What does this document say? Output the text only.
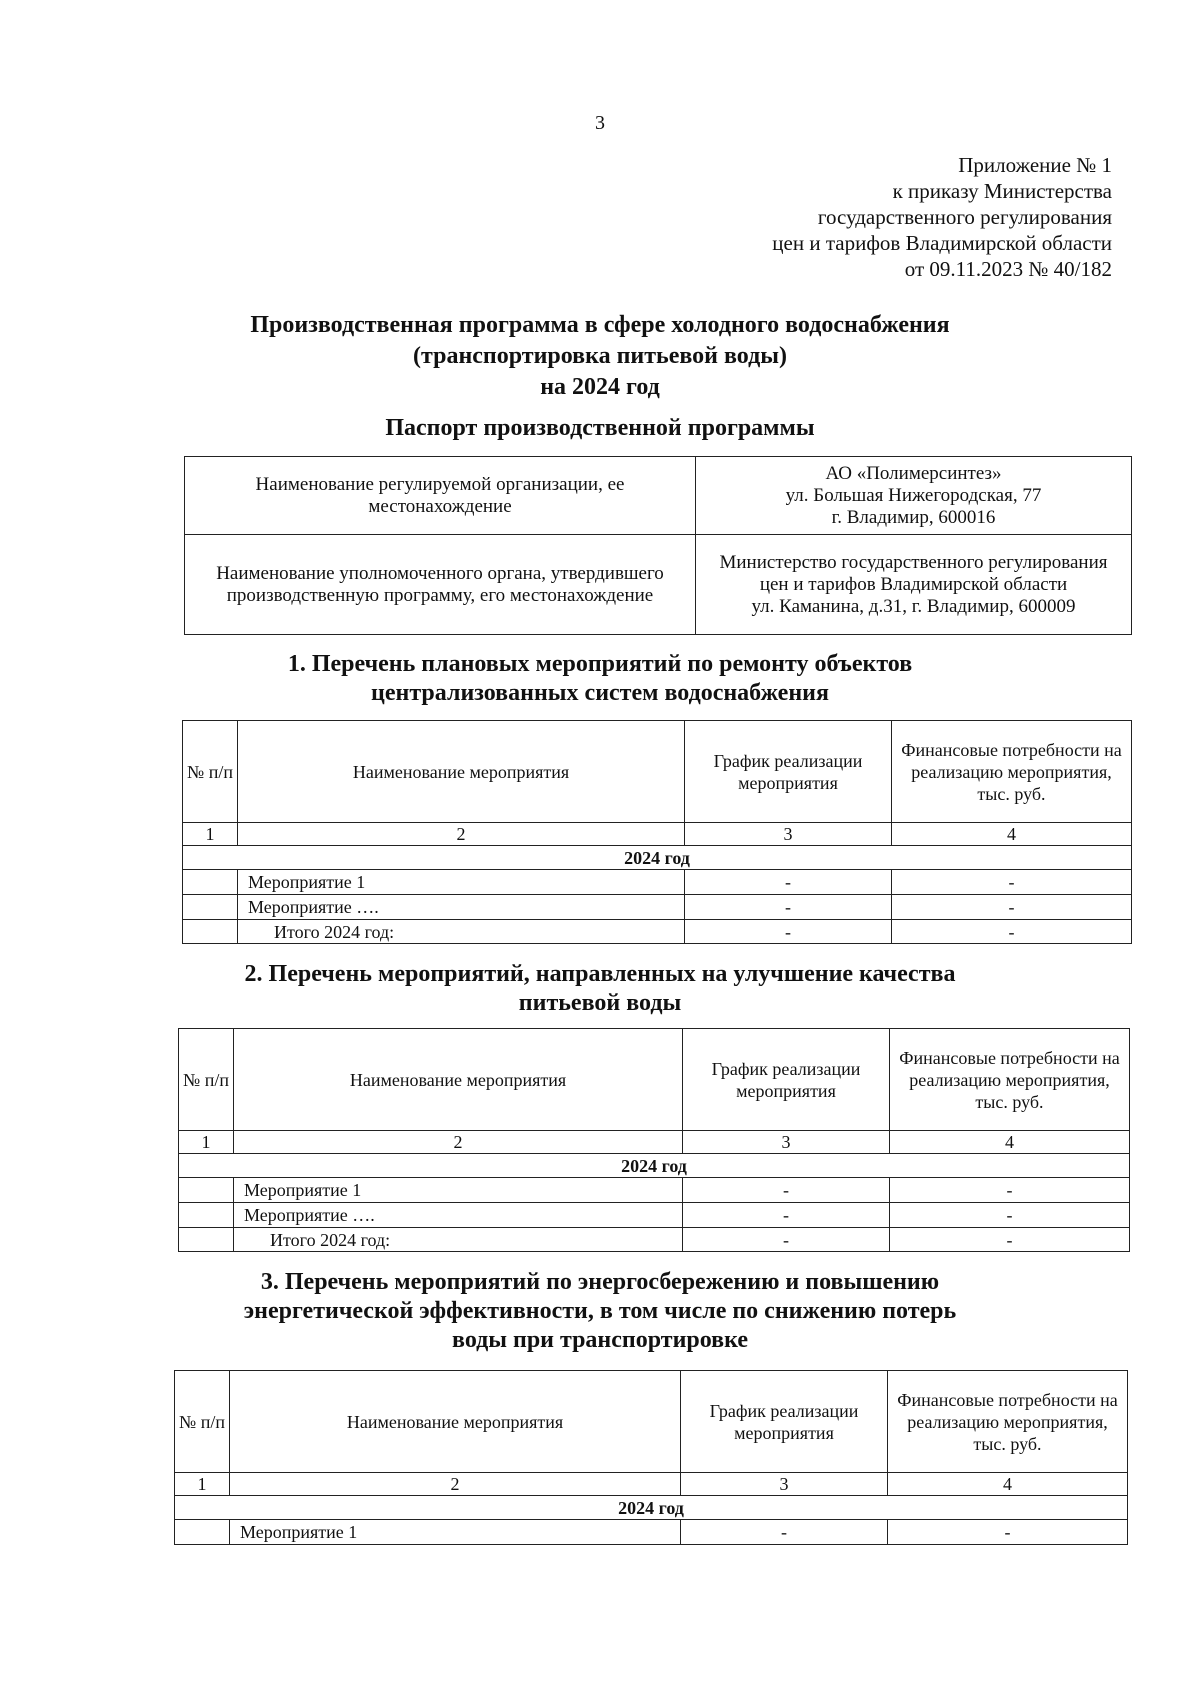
3
Приложение № 1
к приказу Министерства
государственного регулирования
цен и тарифов Владимирской области
от 09.11.2023 № 40/182
Производственная программа в сфере холодного водоснабжения
(транспортировка питьевой воды)
на 2024 год
Паспорт производственной программы
Наименование регулируемой организации, ее местонахождение	АО «Полимерсинтез»
ул. Большая Нижегородская, 77
г. Владимир, 600016

Наименование уполномоченного органа, утвердившего производственную программу, его местонахождение	Министерство государственного регулирования цен и тарифов Владимирской области
ул. Каманина, д.31, г. Владимир, 600009
1. Перечень плановых мероприятий по ремонту объектов
централизованных систем водоснабжения
№ п/п	Наименование мероприятия	График реализации мероприятия	Финансовые потребности на реализацию мероприятия, тыс. руб.
1	2	3	4
2024 год			
	Мероприятие 1	-	-
	Мероприятие ….	-	-
	Итого 2024 год:	-	-
2. Перечень мероприятий, направленных на улучшение качества
питьевой воды
№ п/п	Наименование мероприятия	График реализации мероприятия	Финансовые потребности на реализацию мероприятия, тыс. руб.
1	2	3	4
2024 год			
	Мероприятие 1	-	-
	Мероприятие ….	-	-
	Итого 2024 год:	-	-
3. Перечень мероприятий по энергосбережению и повышению
энергетической эффективности, в том числе по снижению потерь
воды при транспортировке
№ п/п	Наименование мероприятия	График реализации мероприятия	Финансовые потребности на реализацию мероприятия, тыс. руб.
1	2	3	4
2024 год			
	Мероприятие 1	-	-
